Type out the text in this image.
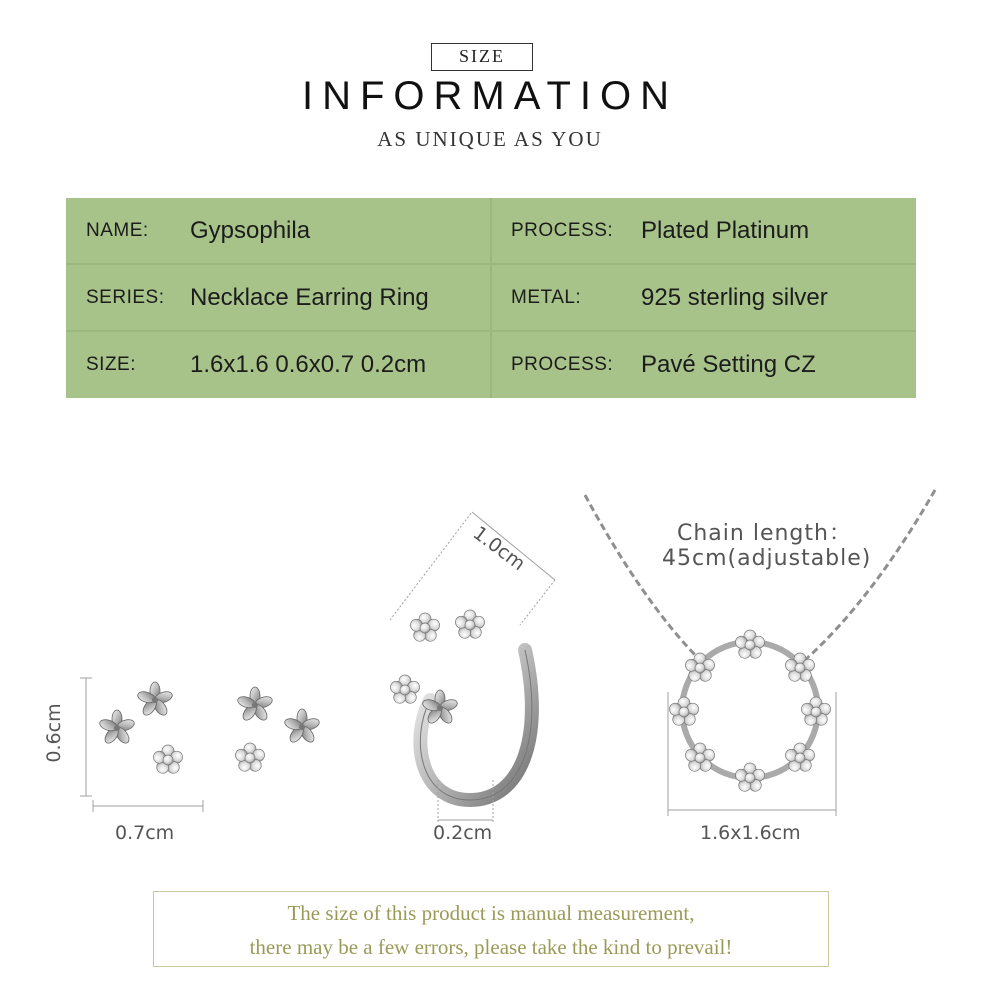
SIZE
INFORMATION
AS UNIQUE AS YOU
NAME: Gypsophila	PROCESS: Plated Platinum
SERIES: Necklace Earring Ring	METAL: 925 sterling silver
SIZE: 1.6x1.6 0.6x0.7 0.2cm	PROCESS: Pavé Setting CZ
0.6cm
0.7cm
1.0cm
0.2cm
Chain length：
45cm(adjustable)
1.6x1.6cm
The size of this product is manual measurement,
there may be a few errors, please take the kind to prevail!
